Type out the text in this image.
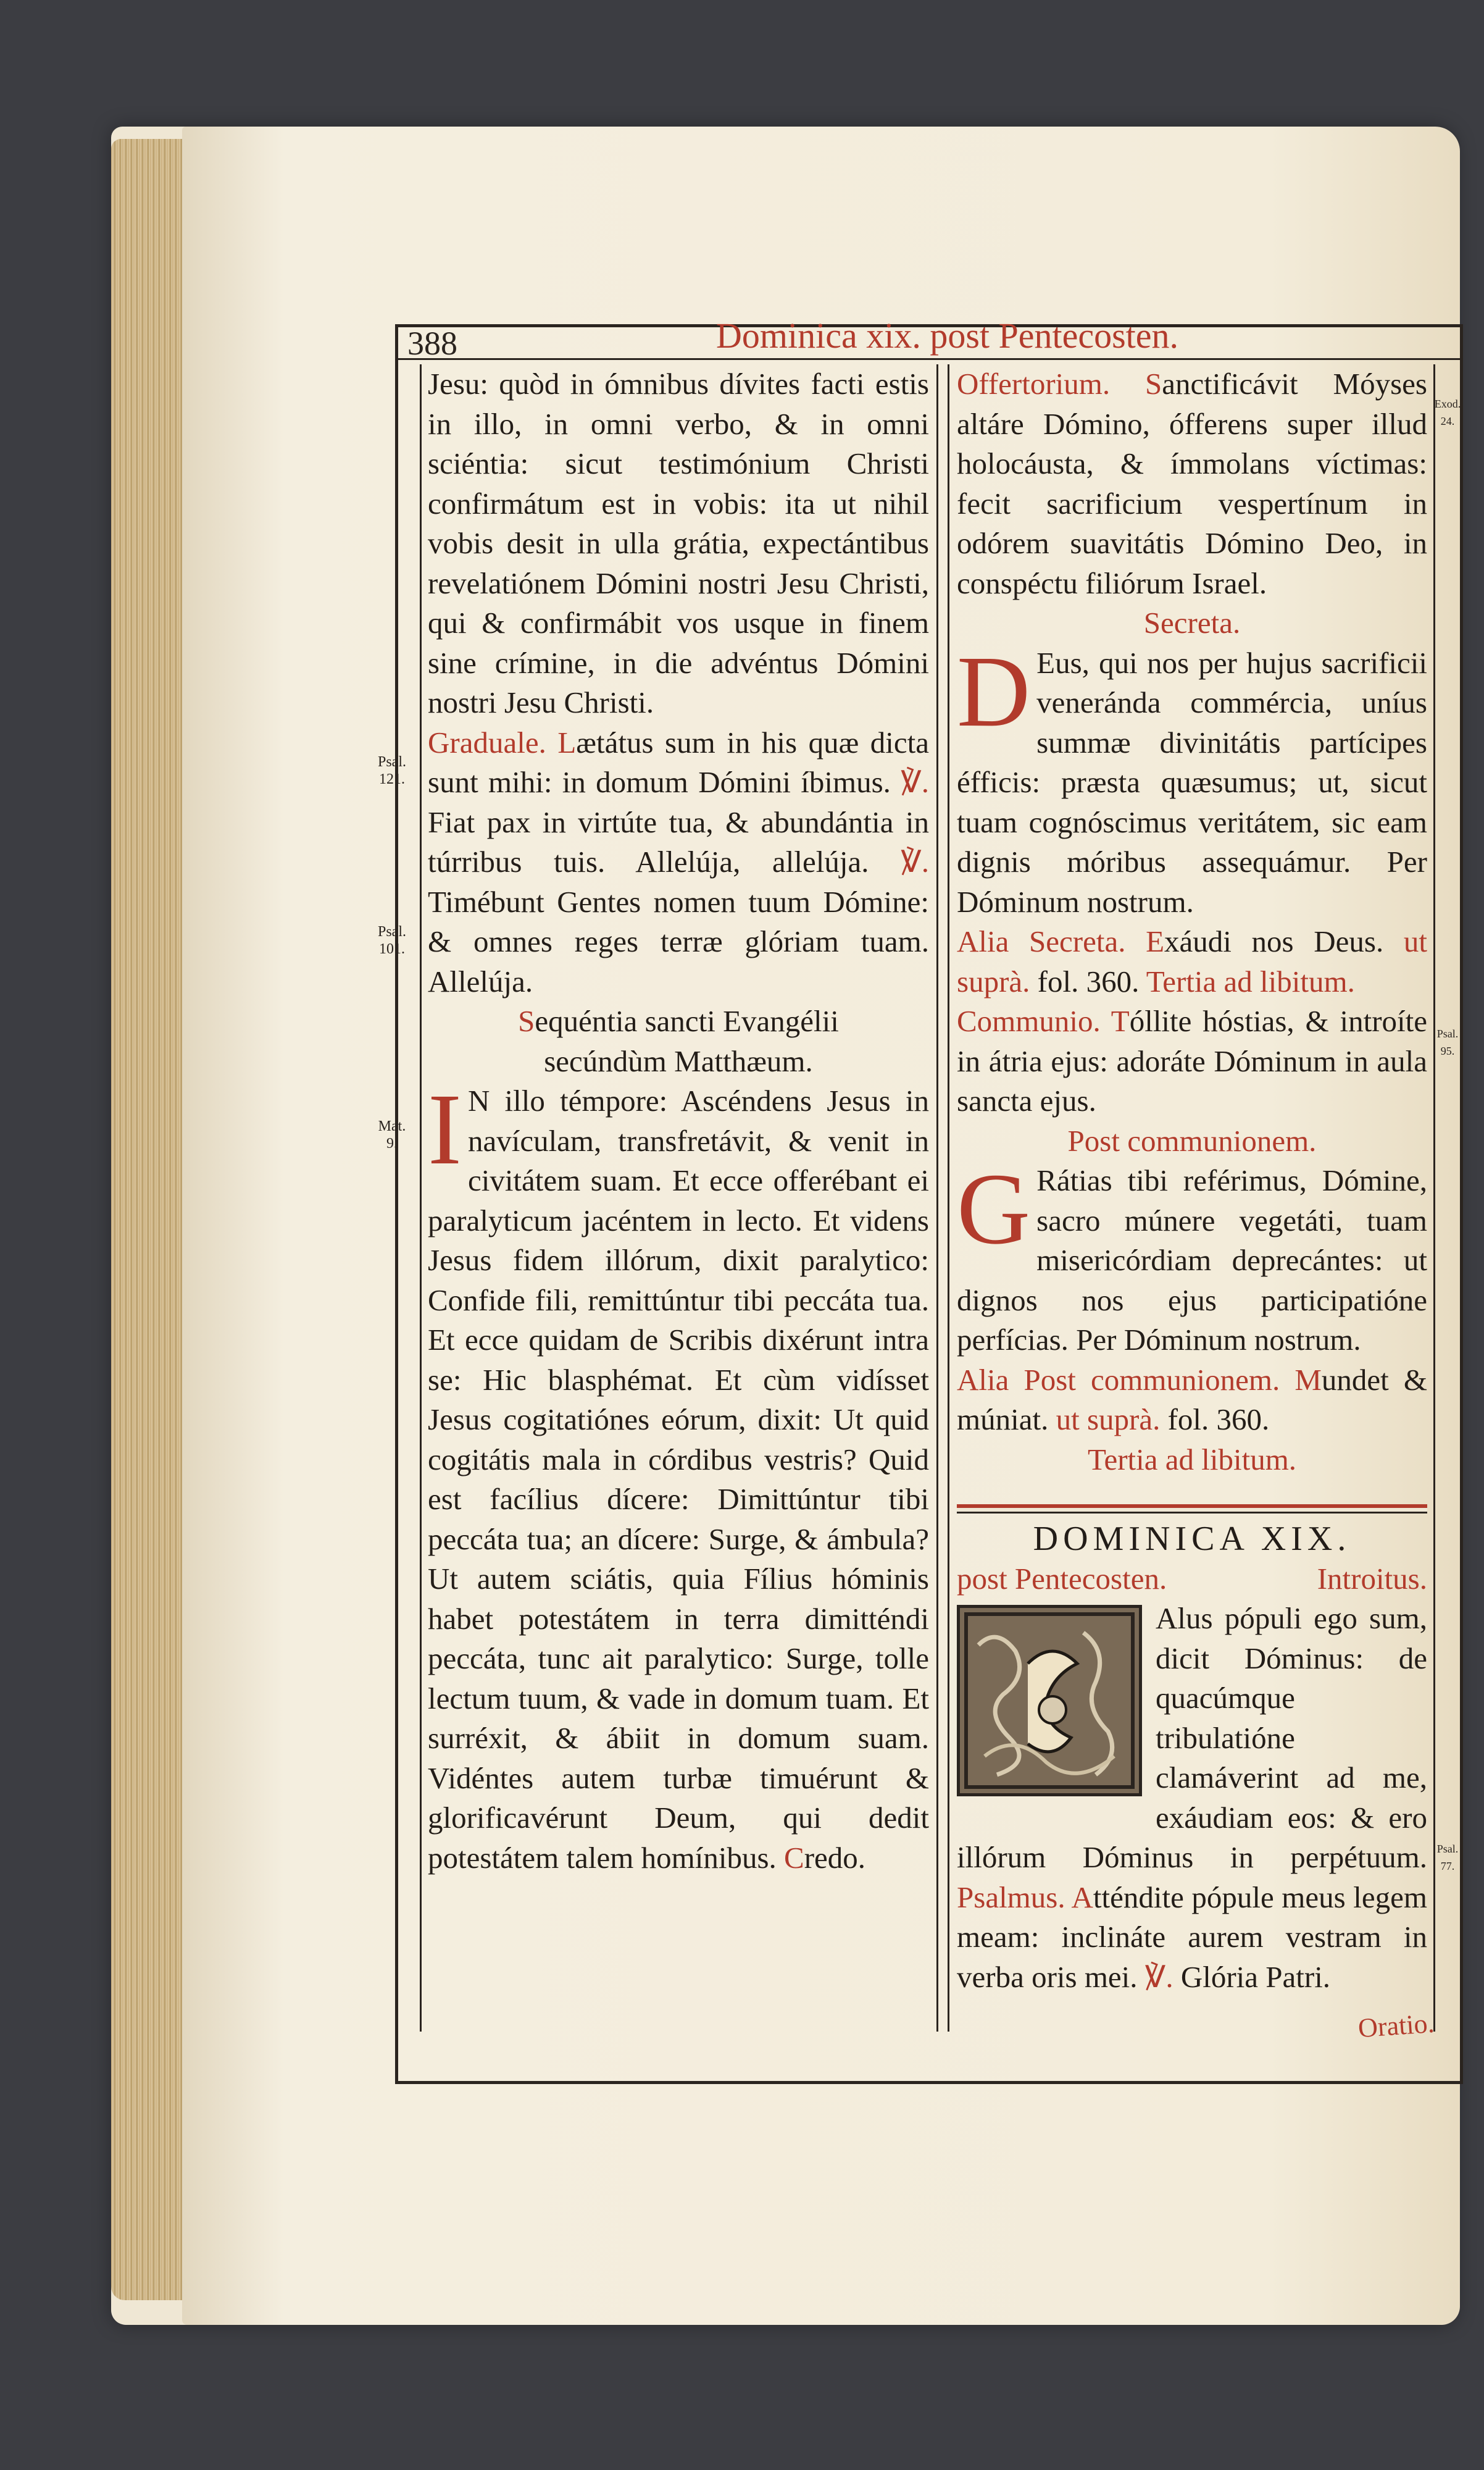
388	Dominica xix. post Pentecosten.
Psal.
121.
Psal.
101.
Mat.
9.
Exod.
24.
Psal.
95.
Psal.
77.

Jesu: quòd in ómnibus dívites facti estis in illo, in omni verbo, & in omni sciéntia: sicut testimónium Christi confirmátum est in vobis: ita ut nihil vobis desit in ulla grátia, expectántibus revelatiónem Dómini nostri Jesu Christi, qui & confirmábit vos usque in finem sine crímine, in die advéntus Dómini nostri Jesu Christi.

Graduale. Lætátus sum in his quæ dicta sunt mihi: in domum Dómini íbimus. ℣. Fiat pax in virtúte tua, & abundántia in túrribus tuis. Allelúja, allelúja. ℣. Timébunt Gentes nomen tuum Dómine: & omnes reges terræ glóriam tuam. Allelúja.

Sequéntia sancti Evangélii

secúndùm Matthæum.

I N illo témpore: Ascéndens Jesus in navículam, transfretávit, & venit in civitátem suam. Et ecce offerébant ei paralyticum jacéntem in lecto. Et videns Jesus fidem illórum, dixit paralytico: Confide fili, remittúntur tibi peccáta tua. Et ecce quidam de Scribis dixérunt intra se: Hic blasphémat. Et cùm vidísset Jesus cogitatiónes eórum, dixit: Ut quid cogitátis mala in córdibus vestris? Quid est facílius dícere: Dimittúntur tibi peccáta tua; an dícere: Surge, & ámbula? Ut autem sciátis, quia Fílius hóminis habet potestátem in terra dimitténdi peccáta, tunc ait paralytico: Surge, tolle lectum tuum, & vade in domum tuam. Et surréxit, & ábiit in domum suam. Vidéntes autem turbæ timuérunt & glorificavérunt Deum, qui dedit potestátem talem homínibus. Credo.

Offertorium. Sanctificávit Móyses altáre Dómino, ófferens super illud holocáusta, & ímmolans víctimas: fecit sacrificium vespertínum in odórem suavitátis Dómino Deo, in conspéctu filiórum Israel.

Secreta.

D Eus, qui nos per hujus sacrificii veneránda commércia, uníus summæ divinitátis partícipes éfficis: præsta quæsumus; ut, sicut tuam cognóscimus veritátem, sic eam dignis móribus assequámur. Per Dóminum nostrum.

Alia Secreta. Exáudi nos Deus. ut suprà. fol. 360. Tertia ad libitum.

Communio. Tóllite hóstias, & introíte in átria ejus: adoráte Dóminum in aula sancta ejus.

Post communionem.

G Rátias tibi reférimus, Dómine, sacro múnere vegetáti, tuam misericórdiam deprecántes: ut dignos nos ejus participatióne perfícias. Per Dóminum nostrum.

Alia Post communionem. Mundet & múniat. ut suprà. fol. 360.

Tertia ad libitum.

DOMINICA XIX.

post Pentecosten.	Introitus.

Alus pópuli ego sum, dicit Dóminus: de quacúmque tribulatióne clamáverint ad me, exáudiam eos: & ero illórum Dóminus in perpétuum. Psalmus. Atténdite pópule meus legem meam: inclináte aurem vestram in verba oris mei. ℣. Glória Patri.

Oratio.
